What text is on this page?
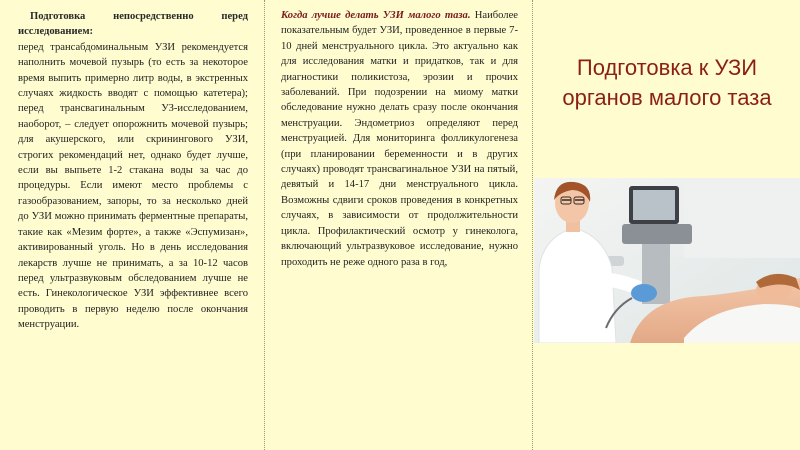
Подготовка непосредственно перед исследованием:
перед трансабдоминальным УЗИ рекомендуется наполнить мочевой пузырь (то есть за некоторое время выпить примерно литр воды, в экстренных случаях жидкость вводят с помощью катетера); перед трансвагинальным УЗ-исследованием, наоборот, – следует опорожнить мочевой пузырь; для акушерского, или скринингового УЗИ, строгих рекомендаций нет, однако будет лучше, если вы выпьете 1-2 стакана воды за час до процедуры. Если имеют место проблемы с газообразованием, запоры, то за несколько дней до УЗИ можно принимать ферментные препараты, такие как «Мезим форте», а также «Эспумизан», активированный уголь. Но в день исследования лекарств лучше не принимать, а за 10-12 часов перед ультразвуковым обследованием лучше не есть. Гинекологическое УЗИ эффективнее всего проводить в первую неделю после окончания менструации.
Когда лучше делать УЗИ малого таза. Наиболее показательным будет УЗИ, проведенное в первые 7-10 дней менструального цикла. Это актуально как для исследования матки и придатков, так и для диагностики поликистоза, эрозии и прочих заболеваний. При подозрении на миому матки обследование нужно делать сразу после окончания менструации. Эндометриоз определяют перед менструацией. Для мониторинга фолликулогенеза (при планировании беременности и в других случаях) проводят трансвагинальное УЗИ на пятый, девятый и 14-17 дни менструального цикла. Возможны сдвиги сроков проведения в конкретных случаях, в зависимости от продолжительности цикла. Профилактический осмотр у гинеколога, включающий ультразвуковое исследование, нужно проходить не реже одного раза в год,
Подготовка к УЗИ
органов малого таза
